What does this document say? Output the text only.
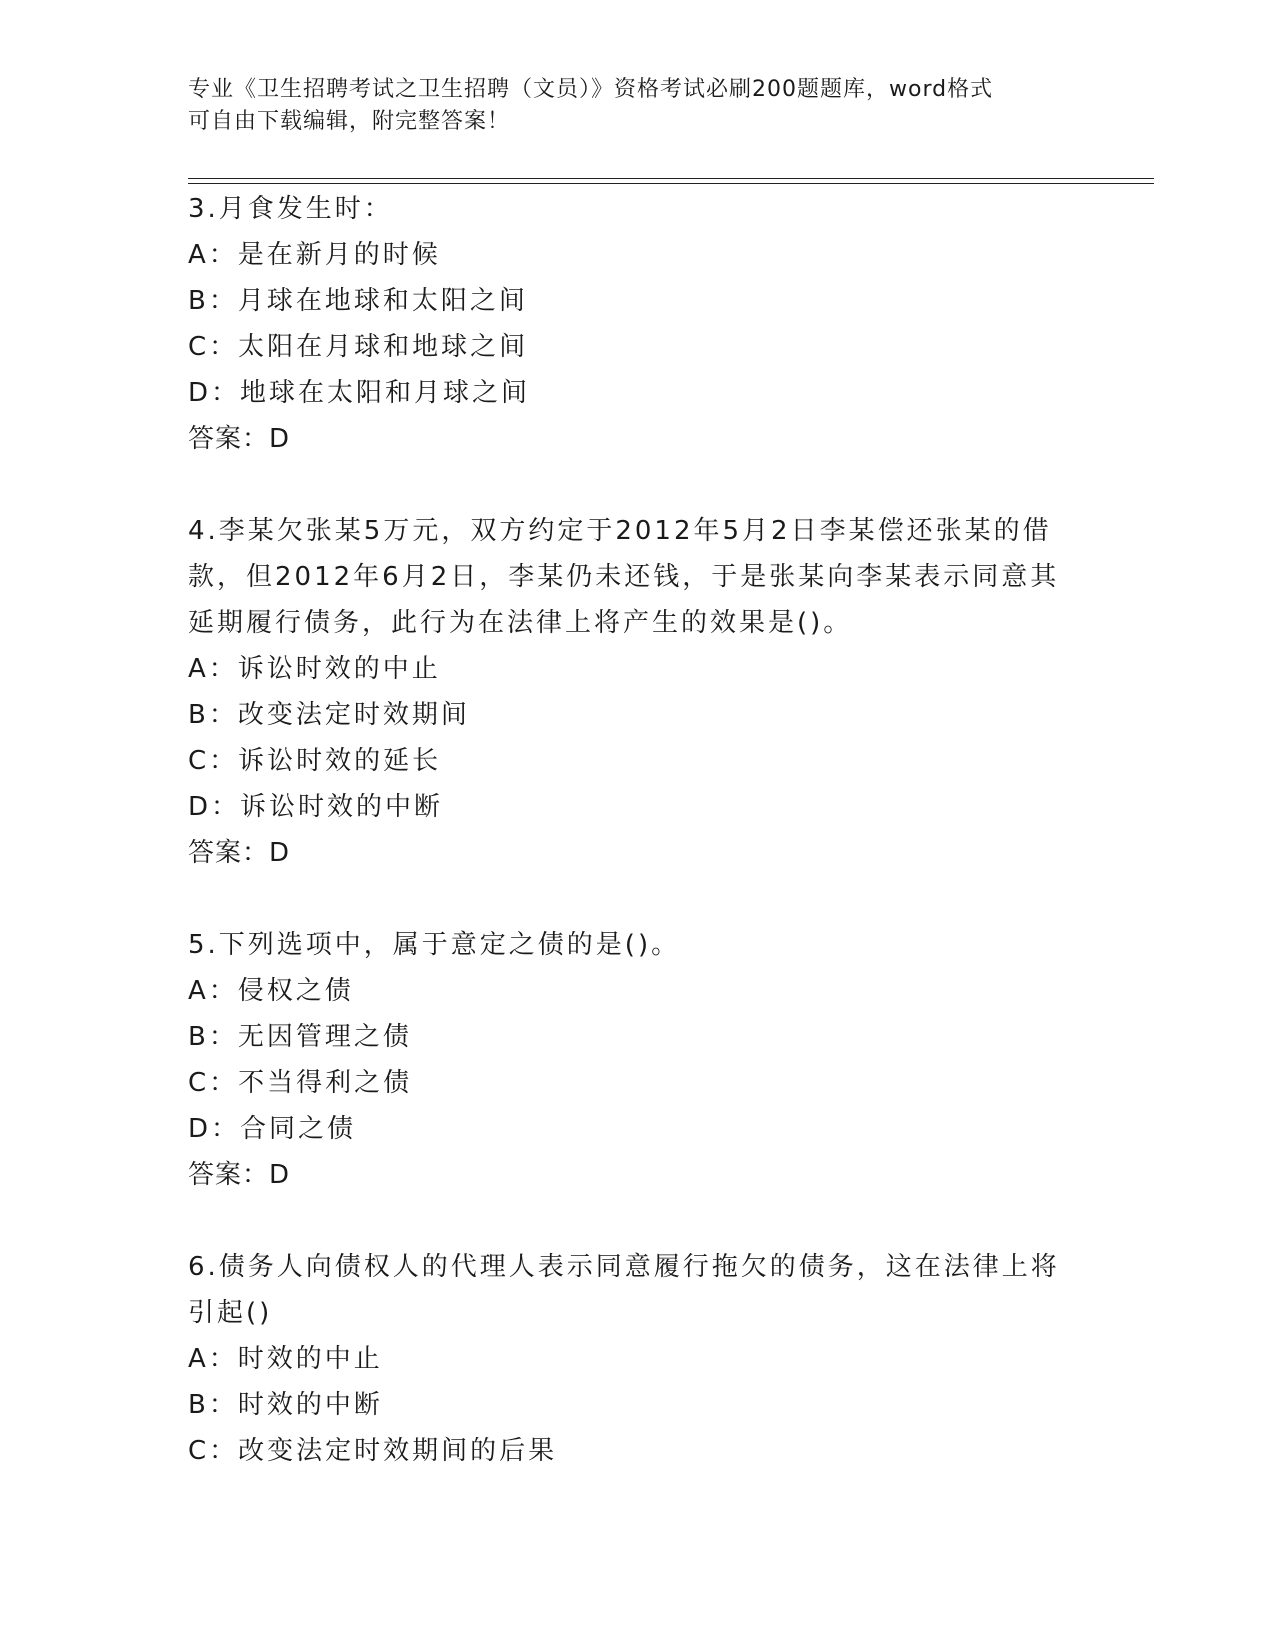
专业《卫生招聘考试之卫生招聘（文员）》资格考试必刷200题题库，word格式
可自由下载编辑，附完整答案！
3.月食发生时：
A：是在新月的时候
B：月球在地球和太阳之间
C：太阳在月球和地球之间
D：地球在太阳和月球之间
答案：D
4.李某欠张某5万元，双方约定于2012年5月2日李某偿还张某的借
款，但2012年6月2日，李某仍未还钱，于是张某向李某表示同意其
延期履行债务，此行为在法律上将产生的效果是()。
A：诉讼时效的中止
B：改变法定时效期间
C：诉讼时效的延长
D：诉讼时效的中断
答案：D
5.下列选项中，属于意定之债的是()。
A：侵权之债
B：无因管理之债
C：不当得利之债
D：合同之债
答案：D
6.债务人向债权人的代理人表示同意履行拖欠的债务，这在法律上将
引起()
A：时效的中止
B：时效的中断
C：改变法定时效期间的后果
